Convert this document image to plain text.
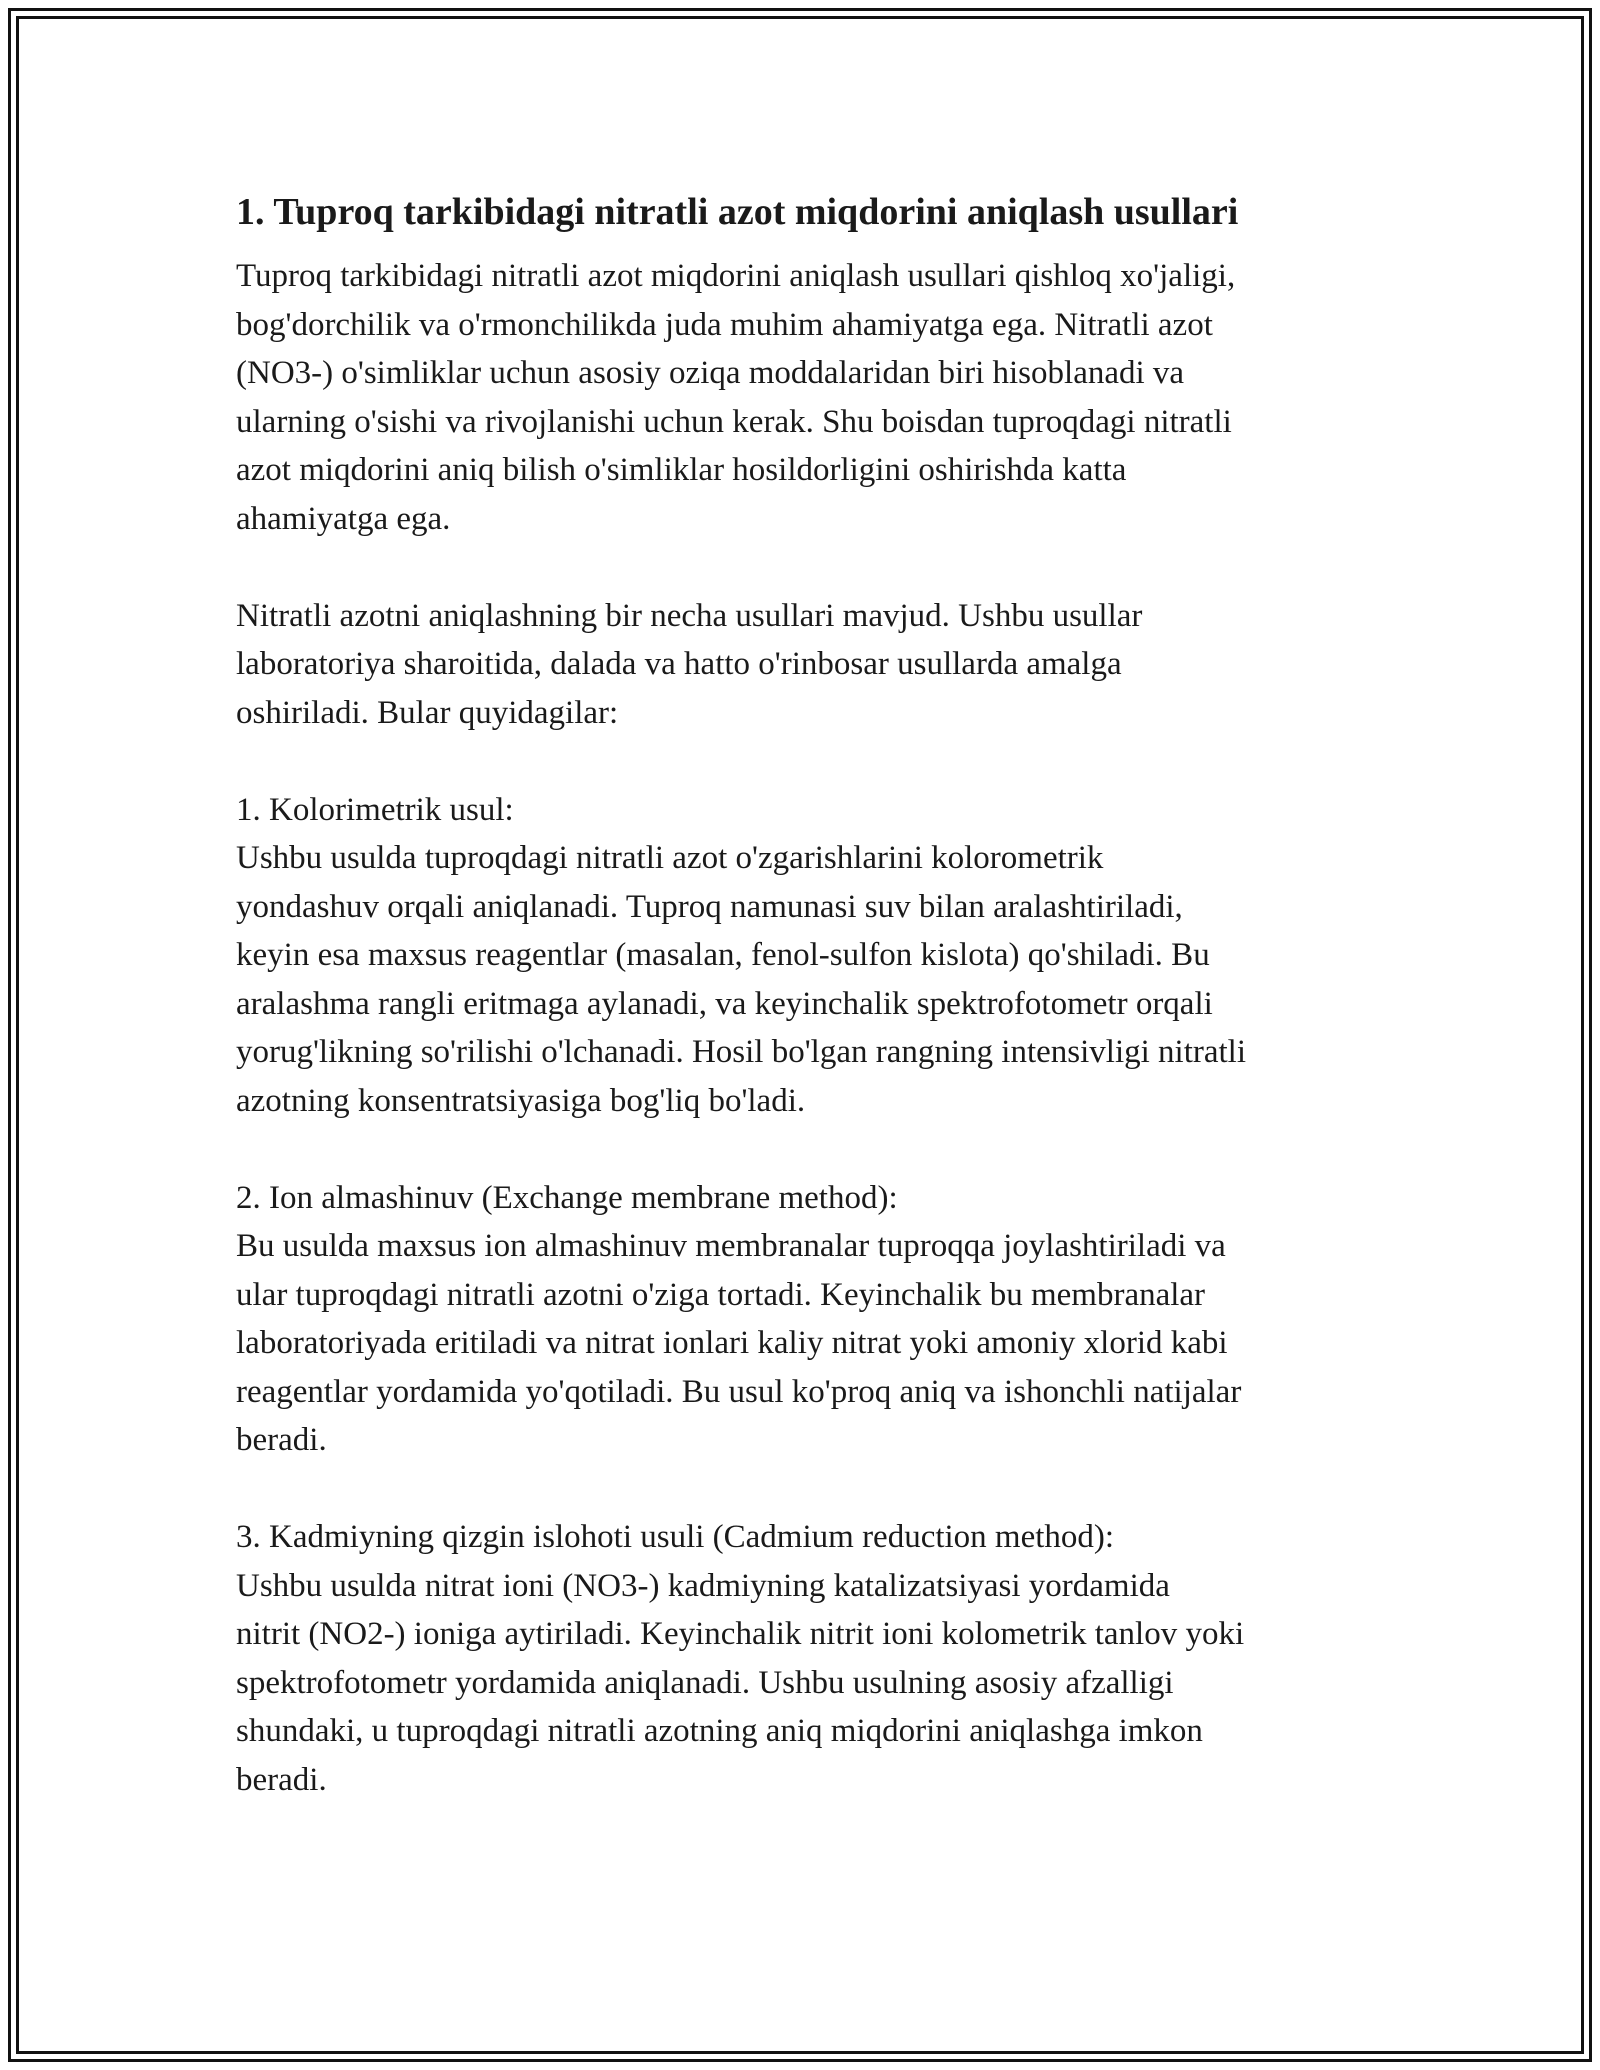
1. Tuproq tarkibidagi nitratli azot miqdorini aniqlash usullari

Tuproq tarkibidagi nitratli azot miqdorini aniqlash usullari qishloq xo'jaligi,
bog'dorchilik va o'rmonchilikda juda muhim ahamiyatga ega. Nitratli azot
(NO3-) o'simliklar uchun asosiy oziqa moddalaridan biri hisoblanadi va
ularning o'sishi va rivojlanishi uchun kerak. Shu boisdan tuproqdagi nitratli
azot miqdorini aniq bilish o'simliklar hosildorligini oshirishda katta
ahamiyatga ega.

Nitratli azotni aniqlashning bir necha usullari mavjud. Ushbu usullar
laboratoriya sharoitida, dalada va hatto o'rinbosar usullarda amalga
oshiriladi. Bular quyidagilar:

1. Kolorimetrik usul:

Ushbu usulda tuproqdagi nitratli azot o'zgarishlarini kolorometrik
yondashuv orqali aniqlanadi. Tuproq namunasi suv bilan aralashtiriladi,
keyin esa maxsus reagentlar (masalan, fenol-sulfon kislota) qo'shiladi. Bu
aralashma rangli eritmaga aylanadi, va keyinchalik spektrofotometr orqali
yorug'likning so'rilishi o'lchanadi. Hosil bo'lgan rangning intensivligi nitratli
azotning konsentratsiyasiga bog'liq bo'ladi.

2. Ion almashinuv (Exchange membrane method):

Bu usulda maxsus ion almashinuv membranalar tuproqqa joylashtiriladi va
ular tuproqdagi nitratli azotni o'ziga tortadi. Keyinchalik bu membranalar
laboratoriyada eritiladi va nitrat ionlari kaliy nitrat yoki amoniy xlorid kabi
reagentlar yordamida yo'qotiladi. Bu usul ko'proq aniq va ishonchli natijalar
beradi.

3. Kadmiyning qizgin islohoti usuli (Cadmium reduction method):

Ushbu usulda nitrat ioni (NO3-) kadmiyning katalizatsiyasi yordamida
nitrit (NO2-) ioniga aytiriladi. Keyinchalik nitrit ioni kolometrik tanlov yoki
spektrofotometr yordamida aniqlanadi. Ushbu usulning asosiy afzalligi
shundaki, u tuproqdagi nitratli azotning aniq miqdorini aniqlashga imkon
beradi.
